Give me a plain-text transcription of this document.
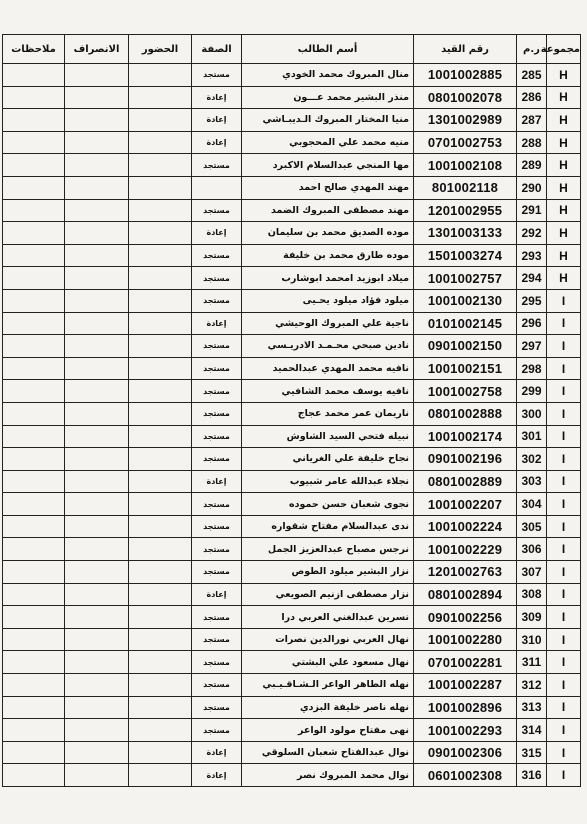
مجموعة	ر.م	رقم القيد	أسم الطالب	الصفة	الحضور	الانصراف	ملاحظات
H	285	1001002885	منال المبروك محمد الخودي	مستجد			
H	286	0801002078	منذر البشير محمد عـــون	إعادة			
H	287	1301002989	منيا المختار المبروك الـديبـاشي	إعادة			
H	288	0701002753	منيه محمد علي المحجوبي	إعادة			
H	289	1001002108	مها المنجي عبدالسلام الاكبرد	مستجد			
H	290	801002118	مهند المهدي صالح احمد				
H	291	1201002955	مهند مصطفى المبروك الضمد	مستجد			
H	292	1301003133	موده الصديق محمد بن سليمان	إعادة			
H	293	1501003274	موده طارق محمد بن خليفة	مستجد			
H	294	1001002757	ميلاد ابوزيد امحمد ابوشارب	مستجد			
I	295	1001002130	ميلود فؤاد ميلود يحـيى	مستجد			
I	296	0101002145	ناجية علي المبروك الوحيشي	إعادة			
I	297	0901002150	نادين صبحي محـمـد الادريـسي	مستجد			
I	298	1001002151	نافيه محمد المهدي عبدالحميد	مستجد			
I	299	1001002758	نافيه يوسف محمد الشافيي	مستجد			
I	300	0801002888	ناريمان عمر محمد عجاج	مستجد			
I	301	1001002174	نبيله فتحي السيد الشاوش	مستجد			
I	302	0901002196	نجاح خليفة علي الغرياني	مستجد			
I	303	0801002889	نجلاء عبدالله عامر شبيوب	إعادة			
I	304	1001002207	نجوى شعبان حسن حموده	مستجد			
I	305	1001002224	ندى عبدالسلام مفتاح شقواره	مستجد			
I	306	1001002229	نرجس مصباح عبدالعزيز الجمل	مستجد			
I	307	1201002763	نزار البشير ميلود الطوص	مستجد			
I	308	0801002894	نزار مصطفى ازنيم الصويعي	إعادة			
I	309	0901002256	نسرين عبدالغني العربي درا	مستجد			
I	310	1001002280	نهال العربي نورالدين نصرات	مستجد			
I	311	0701002281	نهال مسعود علي البشتي	مستجد			
I	312	1001002287	نهله الطاهر الواعر الـشـاقـيـبي	مستجد			
I	313	1001002896	نهله ناصر خليفة البزدي	مستجد			
I	314	1001002293	نهى مفتاح مولود الواعر	مستجد			
I	315	0901002306	نوال عبدالفتاح شعبان السلوقي	إعادة			
I	316	0601002308	نوال محمد المبروك نصر	إعادة			
